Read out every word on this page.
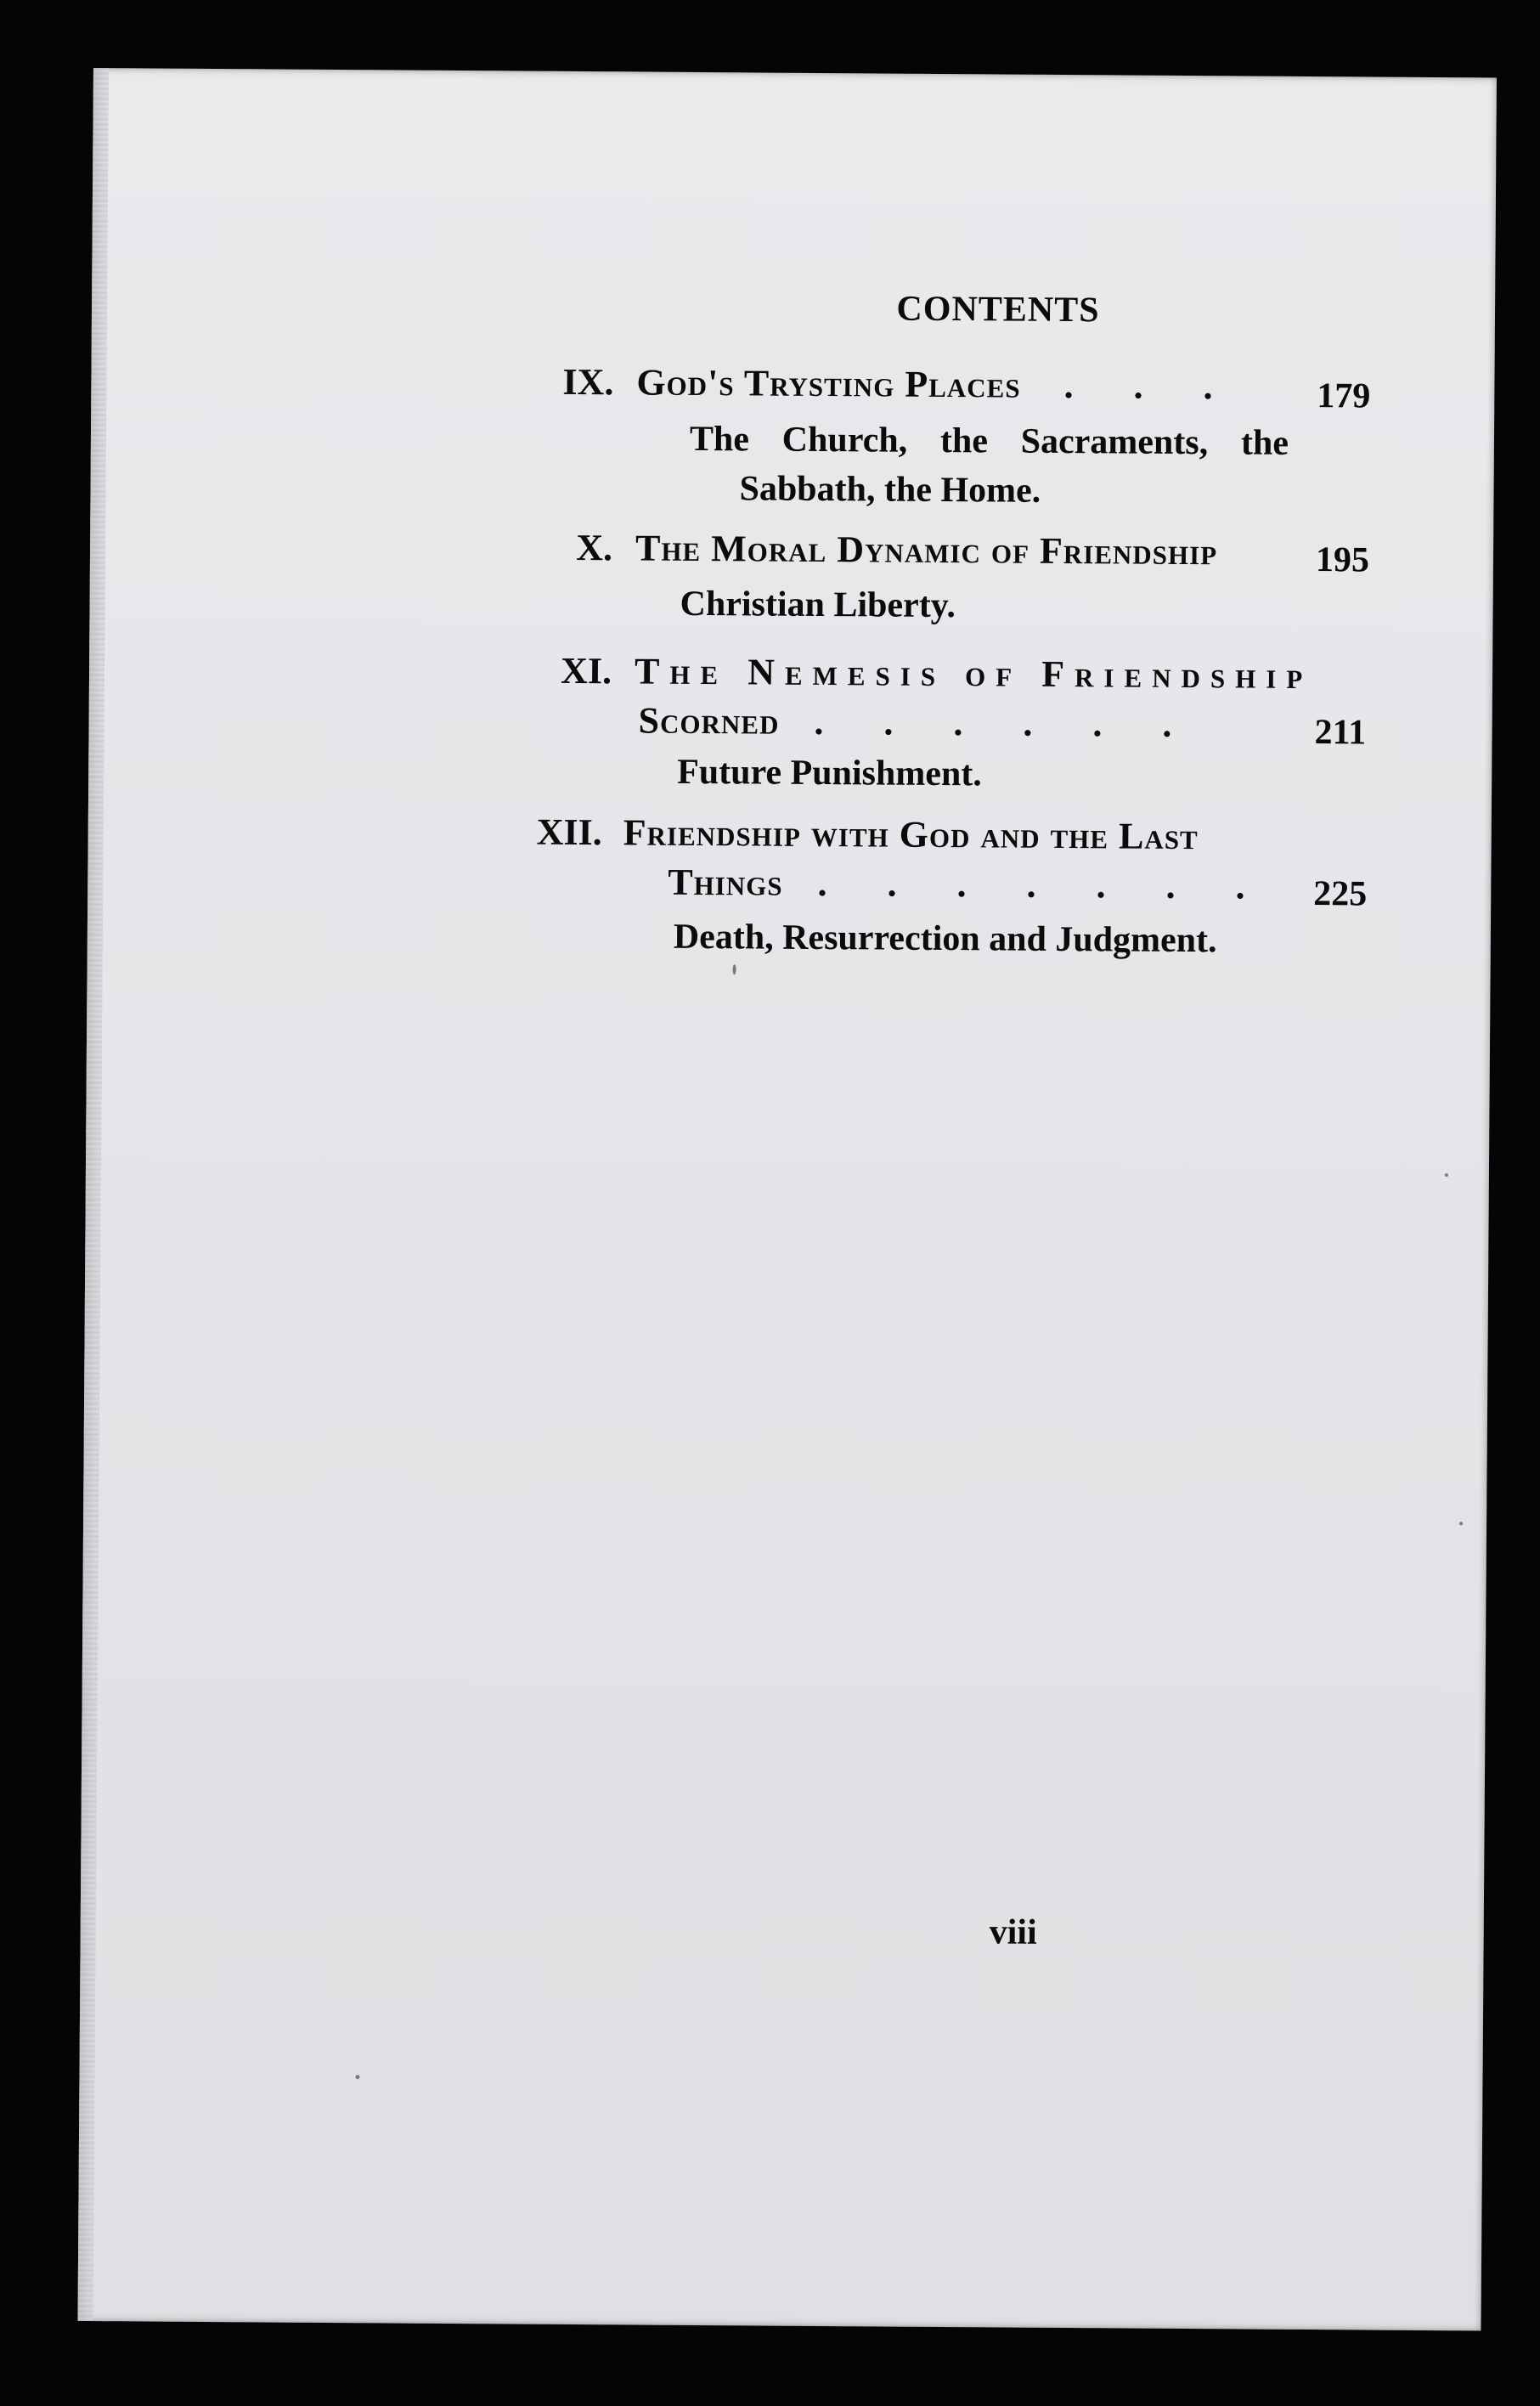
CONTENTS
IX. God's Trysting Places . . . 179
The Church, the Sacraments, the
Sabbath, the Home.
X. The Moral Dynamic of Friendship	195
Christian Liberty.
XI. The Nemesis of Friendship
Scorned . . . . . .	211
Future Punishment.
XII. Friendship with God and the Last
Things . . . . . . . 225
Death, Resurrection and Judgment.
viii
